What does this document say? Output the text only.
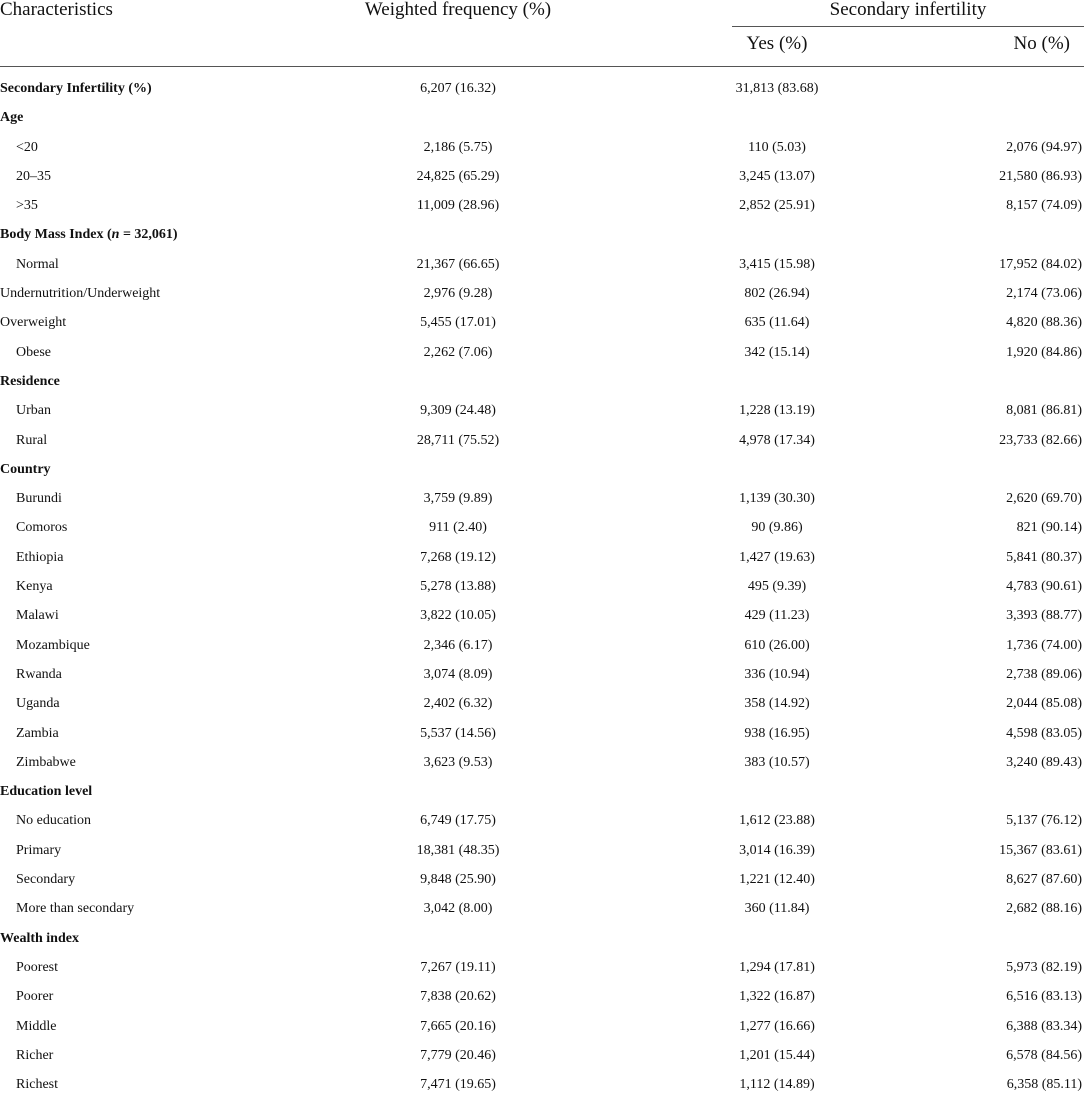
Characteristics	Weighted frequency (%)	Secondary infertility
Yes (%)	No (%)
Secondary Infertility (%)	6,207 (16.32)	31,813 (83.68)
Age
<20	2,186 (5.75)	110 (5.03)	2,076 (94.97)
20–35	24,825 (65.29)	3,245 (13.07)	21,580 (86.93)
>35	11,009 (28.96)	2,852 (25.91)	8,157 (74.09)
Body Mass Index (n = 32,061)
Normal	21,367 (66.65)	3,415 (15.98)	17,952 (84.02)
Undernutrition/Underweight	2,976 (9.28)	802 (26.94)	2,174 (73.06)
Overweight	5,455 (17.01)	635 (11.64)	4,820 (88.36)
Obese	2,262 (7.06)	342 (15.14)	1,920 (84.86)
Residence
Urban	9,309 (24.48)	1,228 (13.19)	8,081 (86.81)
Rural	28,711 (75.52)	4,978 (17.34)	23,733 (82.66)
Country
Burundi	3,759 (9.89)	1,139 (30.30)	2,620 (69.70)
Comoros	911 (2.40)	90 (9.86)	821 (90.14)
Ethiopia	7,268 (19.12)	1,427 (19.63)	5,841 (80.37)
Kenya	5,278 (13.88)	495 (9.39)	4,783 (90.61)
Malawi	3,822 (10.05)	429 (11.23)	3,393 (88.77)
Mozambique	2,346 (6.17)	610 (26.00)	1,736 (74.00)
Rwanda	3,074 (8.09)	336 (10.94)	2,738 (89.06)
Uganda	2,402 (6.32)	358 (14.92)	2,044 (85.08)
Zambia	5,537 (14.56)	938 (16.95)	4,598 (83.05)
Zimbabwe	3,623 (9.53)	383 (10.57)	3,240 (89.43)
Education level
No education	6,749 (17.75)	1,612 (23.88)	5,137 (76.12)
Primary	18,381 (48.35)	3,014 (16.39)	15,367 (83.61)
Secondary	9,848 (25.90)	1,221 (12.40)	8,627 (87.60)
More than secondary	3,042 (8.00)	360 (11.84)	2,682 (88.16)
Wealth index
Poorest	7,267 (19.11)	1,294 (17.81)	5,973 (82.19)
Poorer	7,838 (20.62)	1,322 (16.87)	6,516 (83.13)
Middle	7,665 (20.16)	1,277 (16.66)	6,388 (83.34)
Richer	7,779 (20.46)	1,201 (15.44)	6,578 (84.56)
Richest	7,471 (19.65)	1,112 (14.89)	6,358 (85.11)
